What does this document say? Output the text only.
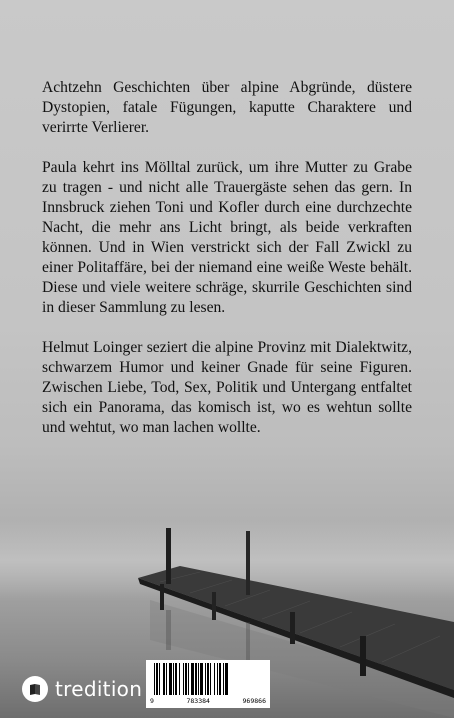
Achtzehn Geschichten über alpine Abgründe, düstere Dystopien, fatale Fügungen, kaputte Charaktere und verirrte Verlierer.

Paula kehrt ins Mölltal zurück, um ihre Mutter zu Grabe zu tragen - und nicht alle Trauergäste sehen das gern. In Innsbruck ziehen Toni und Kofler durch eine durchzechte Nacht, die mehr ans Licht bringt, als beide verkraften können. Und in Wien verstrickt sich der Fall Zwickl zu einer Politaffäre, bei der niemand eine weiße Weste behält. Diese und viele weitere schräge, skurrile Geschichten sind in dieser Sammlung zu lesen.

Helmut Loinger seziert die alpine Provinz mit Dialektwitz, schwarzem Humor und keiner Gnade für seine Figuren. Zwischen Liebe, Tod, Sex, Politik und Untergang entfaltet sich ein Panorama, das komisch ist, wo es wehtun sollte und wehtut, wo man lachen wollte.

tredition 9	783384	969866
